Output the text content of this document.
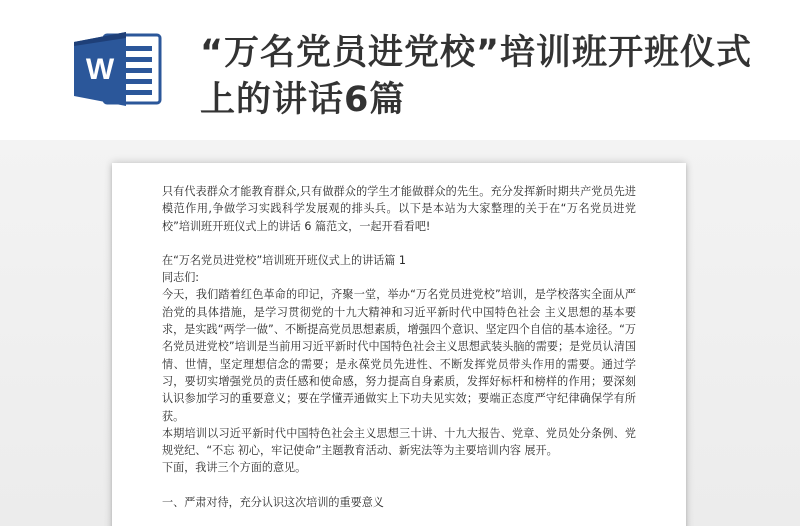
W “万名党员进党校”培训班开班仪式上的讲话6篇

只有代表群众才能教育群众,只有做群众的学生才能做群众的先生。充分发挥新时期共产党员先进模范作用,争做学习实践科学发展观的排头兵。以下是本站为大家整理的关于在“万名党员进党校”培训班开班仪式上的讲话 6 篇范文，一起开看看吧!

在“万名党员进党校”培训班开班仪式上的讲话篇 1

同志们:

今天，我们踏着红色革命的印记，齐聚一堂，举办“万名党员进党校”培训，是学校落实全面从严治党的具体措施，是学习贯彻党的十九大精神和习近平新时代中国特色社会 主义思想的基本要求，是实践“两学一做”、不断提高党员思想素质，增强四个意识、坚定四个自信的基本途径。“万名党员进党校”培训是当前用习近平新时代中国特色社会主义思想武装头脑的需要；是党员认清国情、世情，坚定理想信念的需要；是永葆党员先进性、不断发挥党员带头作用的需要。通过学习，要切实增强党员的责任感和使命感，努力提高自身素质，发挥好标杆和榜样的作用；要深刻认识参加学习的重要意义；要在学懂弄通做实上下功夫见实效；要端正态度严守纪律确保学有所获。

本期培训以习近平新时代中国特色社会主义思想三十讲、十九大报告、党章、党员处分条例、党规党纪、“不忘 初心，牢记使命”主题教育活动、新宪法等为主要培训内容 展开。

下面，我讲三个方面的意见。

一、严肃对待，充分认识这次培训的重要意义
